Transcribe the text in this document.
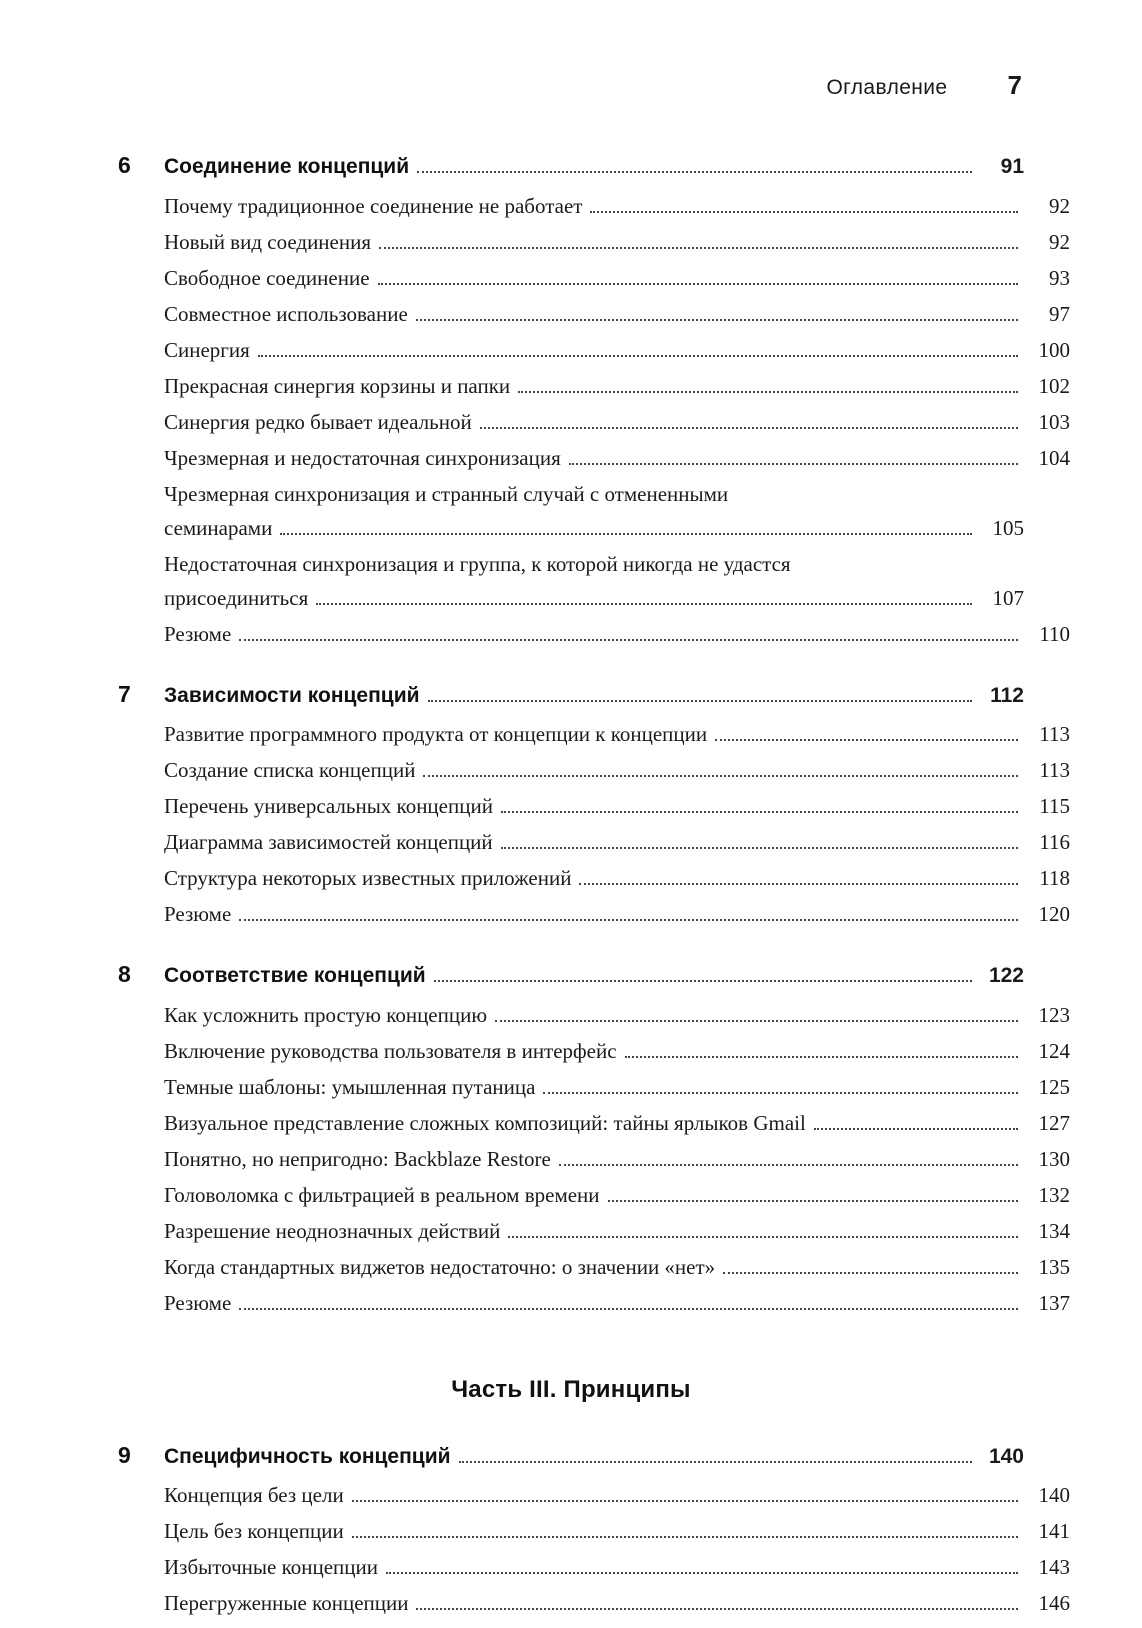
Оглавление 7
6	Соединение концепций	91
Почему традиционное соединение не работает	92
Новый вид соединения	92
Свободное соединение	93
Совместное использование	97
Синергия	100
Прекрасная синергия корзины и папки	102
Синергия редко бывает идеальной	103
Чрезмерная и недостаточная синхронизация	104
Чрезмерная синхронизация и странный случай с отмененными
семинарами	105
Недостаточная синхронизация и группа, к которой никогда не удастся
присоединиться	107
Резюме	110
7	Зависимости концепций	112
Развитие программного продукта от концепции к концепции	113
Создание списка концепций	113
Перечень универсальных концепций	115
Диаграмма зависимостей концепций	116
Структура некоторых известных приложений	118
Резюме	120
8	Соответствие концепций	122
Как усложнить простую концепцию	123
Включение руководства пользователя в интерфейс	124
Темные шаблоны: умышленная путаница	125
Визуальное представление сложных композиций: тайны ярлыков Gmail	127
Понятно, но непригодно: Backblaze Restore	130
Головоломка с фильтрацией в реальном времени	132
Разрешение неоднозначных действий	134
Когда стандартных виджетов недостаточно: о значении «нет»	135
Резюме	137
Часть III. Принципы
9	Специфичность концепций	140
Концепция без цели	140
Цель без концепции	141
Избыточные концепции	143
Перегруженные концепции	146
